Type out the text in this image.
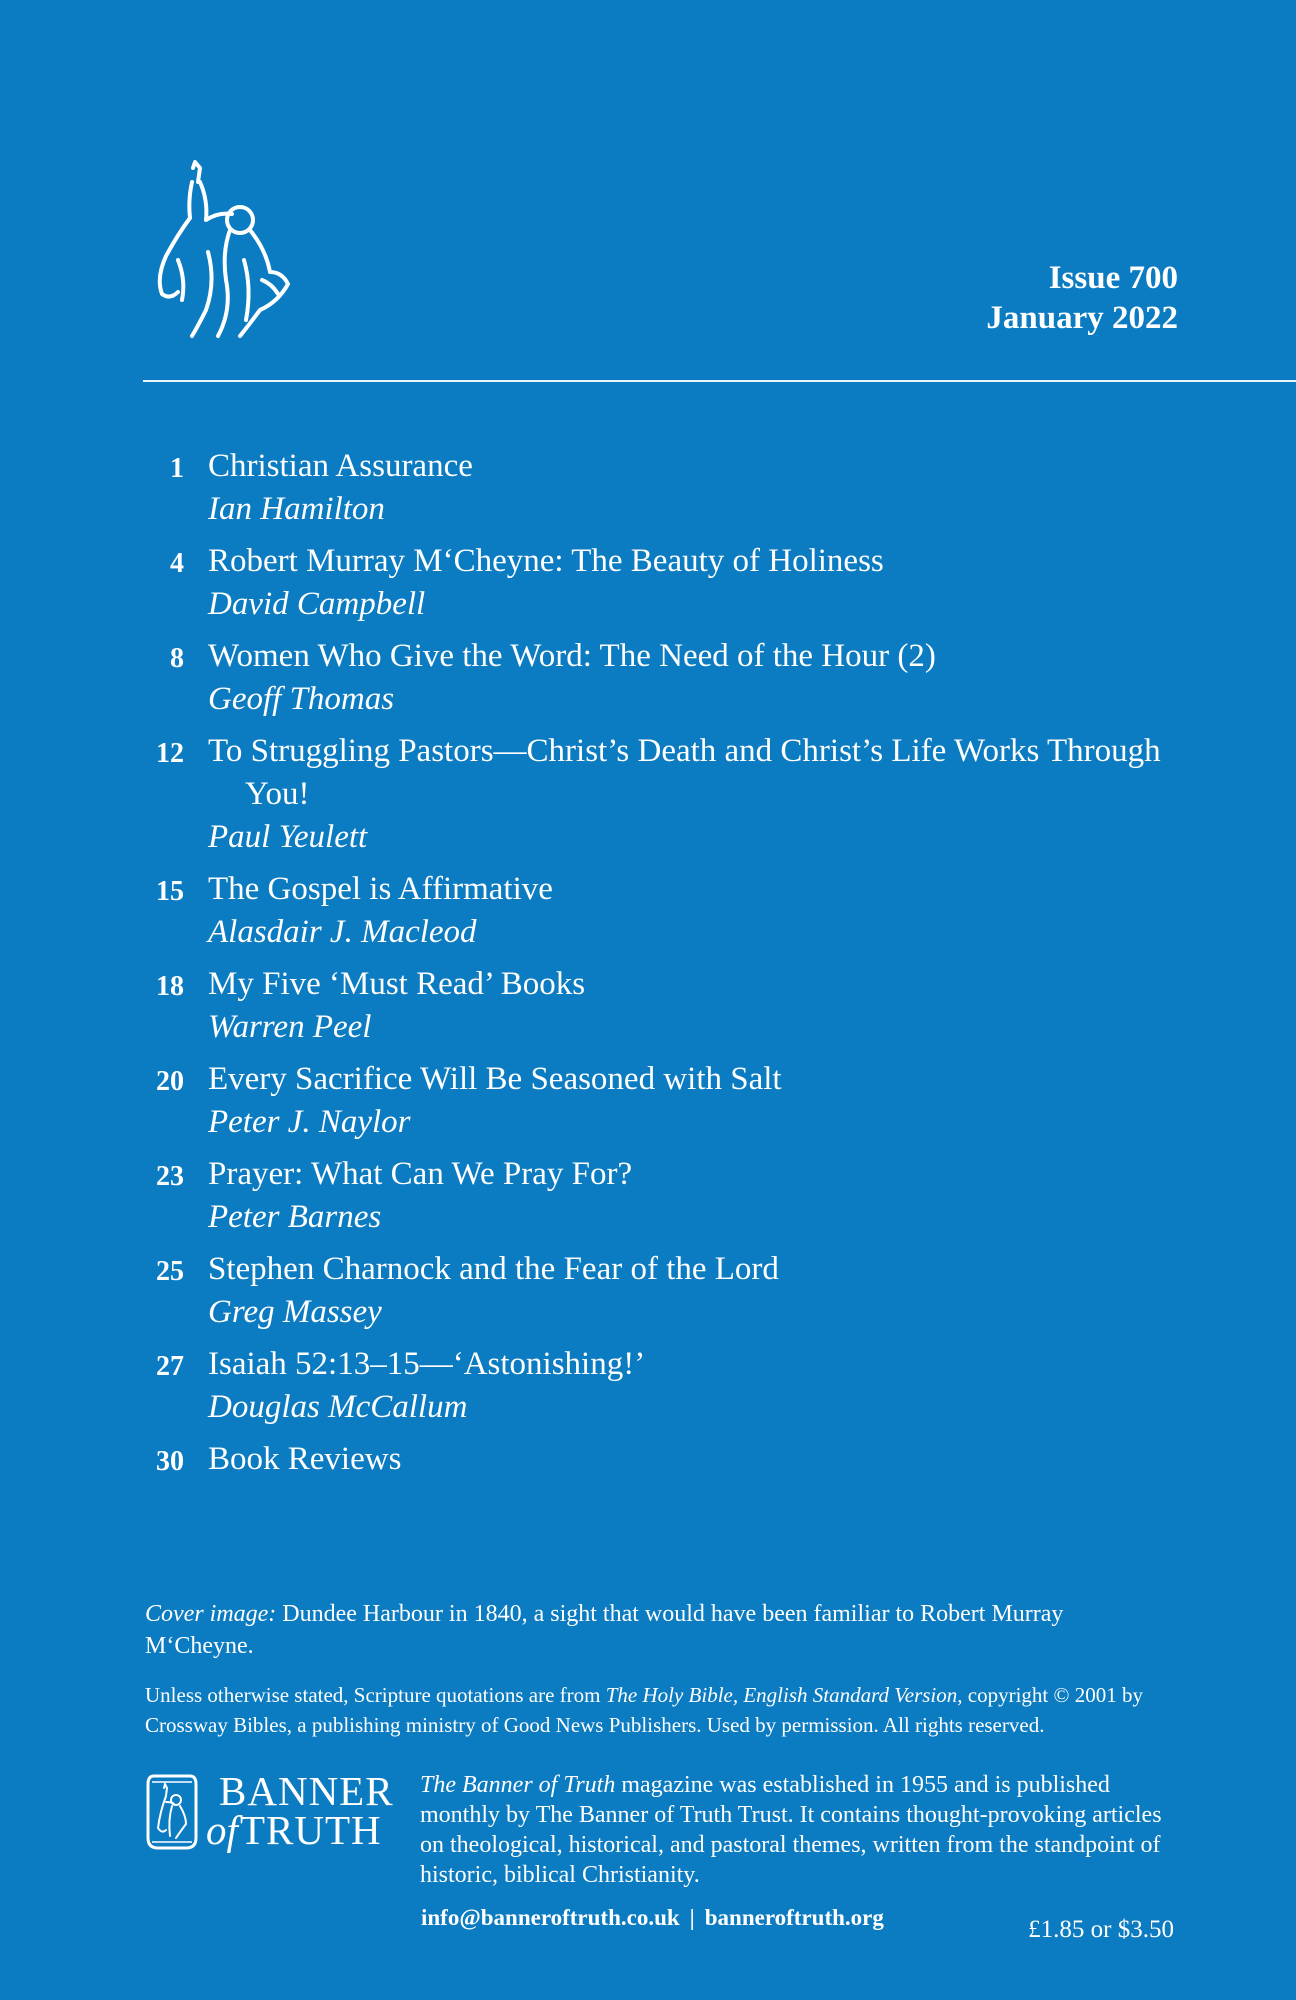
Issue 700
January 2022
1 Christian Assurance
Ian Hamilton
4 Robert Murray M‘Cheyne: The Beauty of Holiness
David Campbell
8 Women Who Give the Word: The Need of the Hour (2)
Geoff Thomas
12 To Struggling Pastors—Christ’s Death and Christ’s Life Works Through You!
Paul Yeulett
15 The Gospel is Affirmative
Alasdair J. Macleod
18 My Five ‘Must Read’ Books
Warren Peel
20 Every Sacrifice Will Be Seasoned with Salt
Peter J. Naylor
23 Prayer: What Can We Pray For?
Peter Barnes
25 Stephen Charnock and the Fear of the Lord
Greg Massey
27 Isaiah 52:13–15—‘Astonishing!’
Douglas McCallum
30 Book Reviews
Cover image: Dundee Harbour in 1840, a sight that would have been familiar to Robert Murray M‘Cheyne.
Unless otherwise stated, Scripture quotations are from The Holy Bible, English Standard Version, copyright © 2001 by Crossway Bibles, a publishing ministry of Good News Publishers. Used by permission. All rights reserved.
BANNER
of TRUTH
The Banner of Truth magazine was established in 1955 and is published monthly by The Banner of Truth Trust. It contains thought-provoking articles on theological, historical, and pastoral themes, written from the standpoint of historic, biblical Christianity.
info@banneroftruth.co.uk | banneroftruth.org	£1.85 or $3.50
